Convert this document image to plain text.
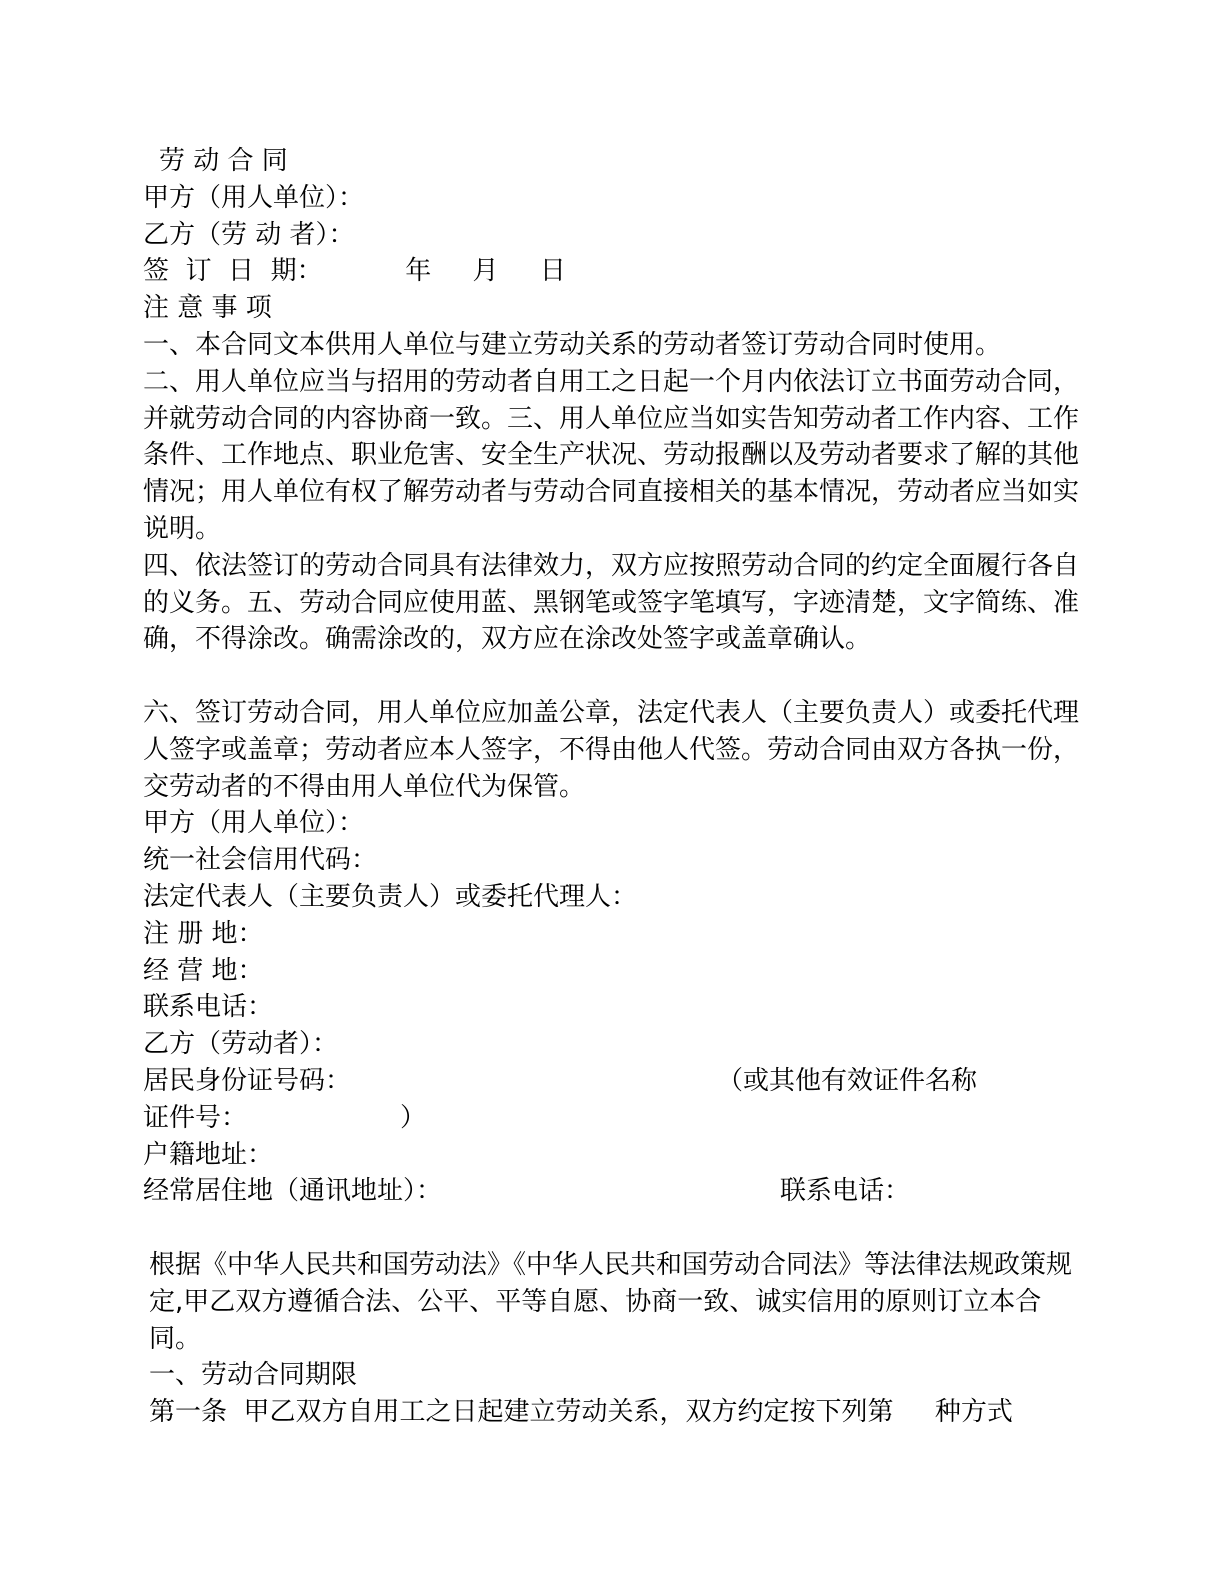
劳 动 合 同
甲方（用人单位）：
乙方（劳 动 者）：
签  订  日  期：          年     月     日
注 意 事 项
一、本合同文本供用人单位与建立劳动关系的劳动者签订劳动合同时使用。
二、用人单位应当与招用的劳动者自用工之日起一个月内依法订立书面劳动合同，并就劳动合同的内容协商一致。三、用人单位应当如实告知劳动者工作内容、工作条件、工作地点、职业危害、安全生产状况、劳动报酬以及劳动者要求了解的其他情况；用人单位有权了解劳动者与劳动合同直接相关的基本情况，劳动者应当如实说明。
四、依法签订的劳动合同具有法律效力，双方应按照劳动合同的约定全面履行各自的义务。五、劳动合同应使用蓝、黑钢笔或签字笔填写，字迹清楚，文字简练、准确，不得涂改。确需涂改的，双方应在涂改处签字或盖章确认。
六、签订劳动合同，用人单位应加盖公章，法定代表人（主要负责人）或委托代理人签字或盖章；劳动者应本人签字，不得由他人代签。劳动合同由双方各执一份，交劳动者的不得由用人单位代为保管。
甲方（用人单位）：
统一社会信用代码：
法定代表人（主要负责人）或委托代理人：
注 册 地：
经 营 地：
联系电话：
乙方（劳动者）：
居民身份证号码：	（或其他有效证件名称
证件号：	）
户籍地址：
经常居住地（通讯地址）：	联系电话：
根据《中华人民共和国劳动法》《中华人民共和国劳动合同法》等法律法规政策规定,甲乙双方遵循合法、公平、平等自愿、协商一致、诚实信用的原则订立本合同。
一、劳动合同期限
第一条  甲乙双方自用工之日起建立劳动关系，双方约定按下列第     种方式
